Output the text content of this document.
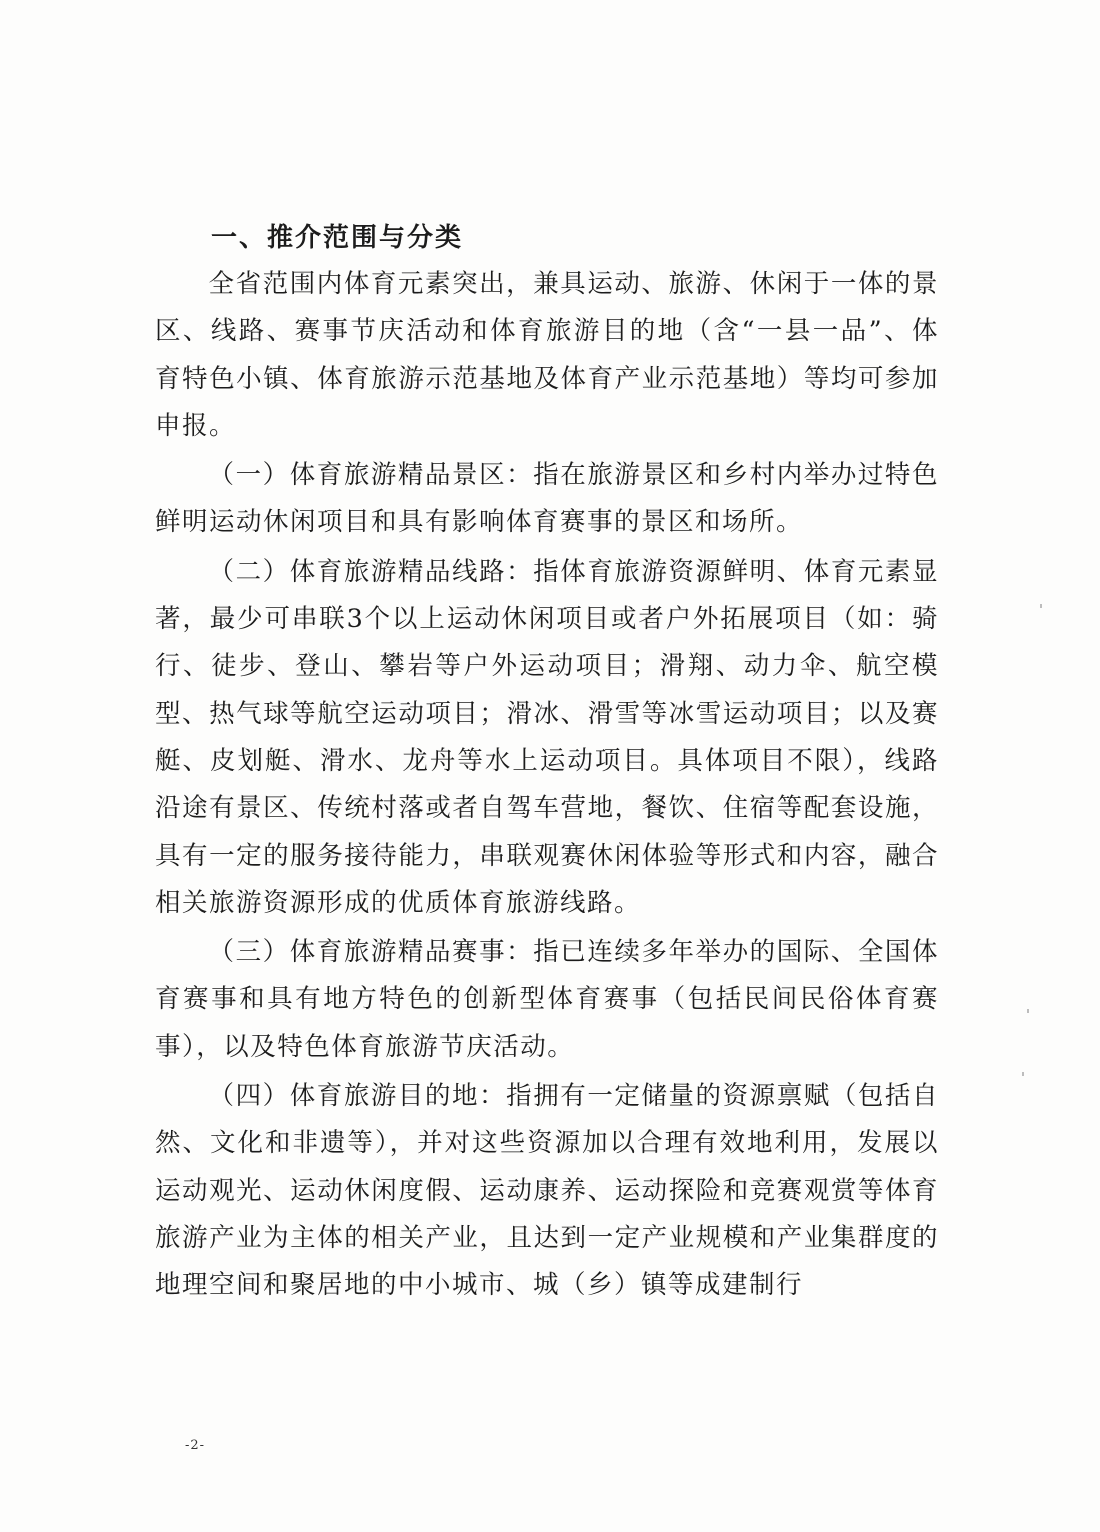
一、推介范围与分类

全省范围内体育元素突出，兼具运动、旅游、休闲于一体的景区、线路、赛事节庆活动和体育旅游目的地（含“一县一品”、体育特色小镇、体育旅游示范基地及体育产业示范基地）等均可参加申报。

（一）体育旅游精品景区：指在旅游景区和乡村内举办过特色鲜明运动休闲项目和具有影响体育赛事的景区和场所。

（二）体育旅游精品线路：指体育旅游资源鲜明、体育元素显著，最少可串联3个以上运动休闲项目或者户外拓展项目（如：骑行、徒步、登山、攀岩等户外运动项目；滑翔、动力伞、航空模型、热气球等航空运动项目；滑冰、滑雪等冰雪运动项目；以及赛艇、皮划艇、滑水、龙舟等水上运动项目。具体项目不限），线路沿途有景区、传统村落或者自驾车营地，餐饮、住宿等配套设施，具有一定的服务接待能力，串联观赛休闲体验等形式和内容，融合相关旅游资源形成的优质体育旅游线路。

（三）体育旅游精品赛事：指已连续多年举办的国际、全国体育赛事和具有地方特色的创新型体育赛事（包括民间民俗体育赛事），以及特色体育旅游节庆活动。

（四）体育旅游目的地：指拥有一定储量的资源禀赋（包括自然、文化和非遗等），并对这些资源加以合理有效地利用，发展以运动观光、运动休闲度假、运动康养、运动探险和竞赛观赏等体育旅游产业为主体的相关产业，且达到一定产业规模和产业集群度的地理空间和聚居地的中小城市、城（乡）镇等成建制行

-2-
